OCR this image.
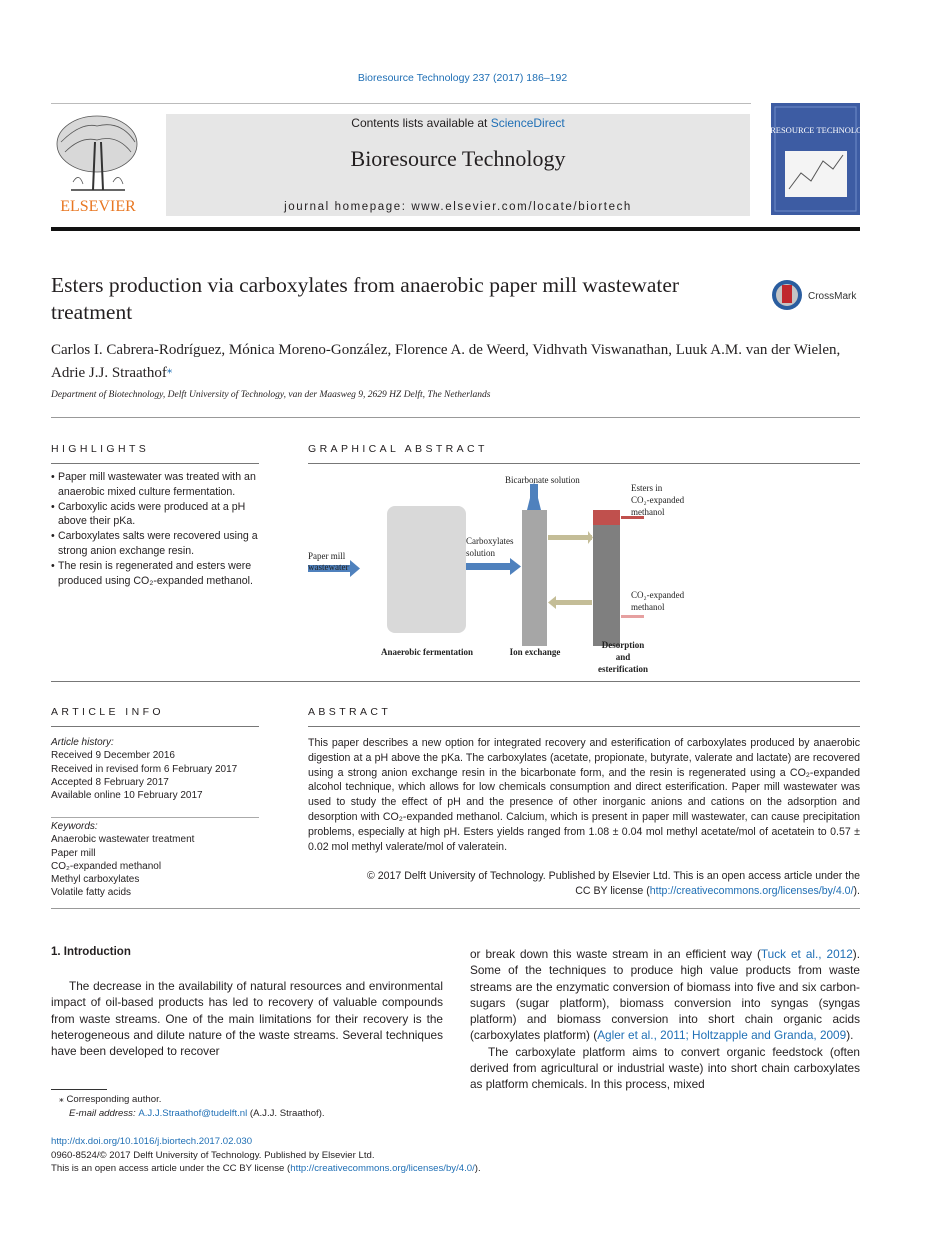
Bioresource Technology 237 (2017) 186–192
ELSEVIER
Contents lists available at ScienceDirect
Bioresource Technology
journal homepage: www.elsevier.com/locate/biortech
BIORESOURCE TECHNOLOGY
Esters production via carboxylates from anaerobic paper mill wastewater treatment
CrossMark
Carlos I. Cabrera-Rodríguez, Mónica Moreno-González, Florence A. de Weerd, Vidhvath Viswanathan, Luuk A.M. van der Wielen, Adrie J.J. Straathof⁎
Department of Biotechnology, Delft University of Technology, van der Maasweg 9, 2629 HZ Delft, The Netherlands
HIGHLIGHTS
• Paper mill wastewater was treated with an anaerobic mixed culture fermentation.
• Carboxylic acids were produced at a pH above their pKa.
• Carboxylates salts were recovered using a strong anion exchange resin.
• The resin is regenerated and esters were produced using CO₂-expanded methanol.
GRAPHICAL ABSTRACT
Bicarbonate solution
Esters in
CO₂-expanded
methanol
Paper mill
wastewater
Carboxylates
solution
CO₂-expanded
methanol
Anaerobic fermentation	Ion exchange
Desorption
and
esterification
ARTICLE INFO
Article history:
Received 9 December 2016
Received in revised form 6 February 2017
Accepted 8 February 2017
Available online 10 February 2017
Keywords:
Anaerobic wastewater treatment
Paper mill
CO₂-expanded methanol
Methyl carboxylates
Volatile fatty acids
ABSTRACT

This paper describes a new option for integrated recovery and esterification of carboxylates produced by anaerobic digestion at a pH above the pKa. The carboxylates (acetate, propionate, butyrate, valerate and lactate) are recovered using a strong anion exchange resin in the bicarbonate form, and the resin is regenerated using a CO₂-expanded alcohol technique, which allows for low chemicals consumption and direct esterification. Paper mill wastewater was used to study the effect of pH and the presence of other inorganic anions and cations on the adsorption and desorption with CO₂-expanded methanol. Calcium, which is present in paper mill wastewater, can cause precipitation problems, especially at high pH. Esters yields ranged from 1.08 ± 0.04 mol methyl acetate/mol of acetatein to 0.57 ± 0.02 mol methyl valerate/mol of valeratein.

© 2017 Delft University of Technology. Published by Elsevier Ltd. This is an open access article under the
CC BY license (http://creativecommons.org/licenses/by/4.0/).
1. Introduction

The decrease in the availability of natural resources and environmental impact of oil-based products has led to recovery of valuable compounds from waste streams. One of the main limitations for their recovery is the heterogeneous and dilute nature of the waste streams. Several techniques have been developed to recover

or break down this waste stream in an efficient way (Tuck et al., 2012). Some of the techniques to produce high value products from waste streams are the enzymatic conversion of biomass into five and six carbon-sugars (sugar platform), biomass conversion into syngas (syngas platform) and biomass conversion into short chain organic acids (carboxylates platform) (Agler et al., 2011; Holtzapple and Granda, 2009).

The carboxylate platform aims to convert organic feedstock (often derived from agricultural or industrial waste) into short chain carboxylates as platform chemicals. In this process, mixed

⁎ Corresponding author.
E-mail address: A.J.J.Straathof@tudelft.nl (A.J.J. Straathof).
http://dx.doi.org/10.1016/j.biortech.2017.02.030
0960-8524/© 2017 Delft University of Technology. Published by Elsevier Ltd.
This is an open access article under the CC BY license (http://creativecommons.org/licenses/by/4.0/).
